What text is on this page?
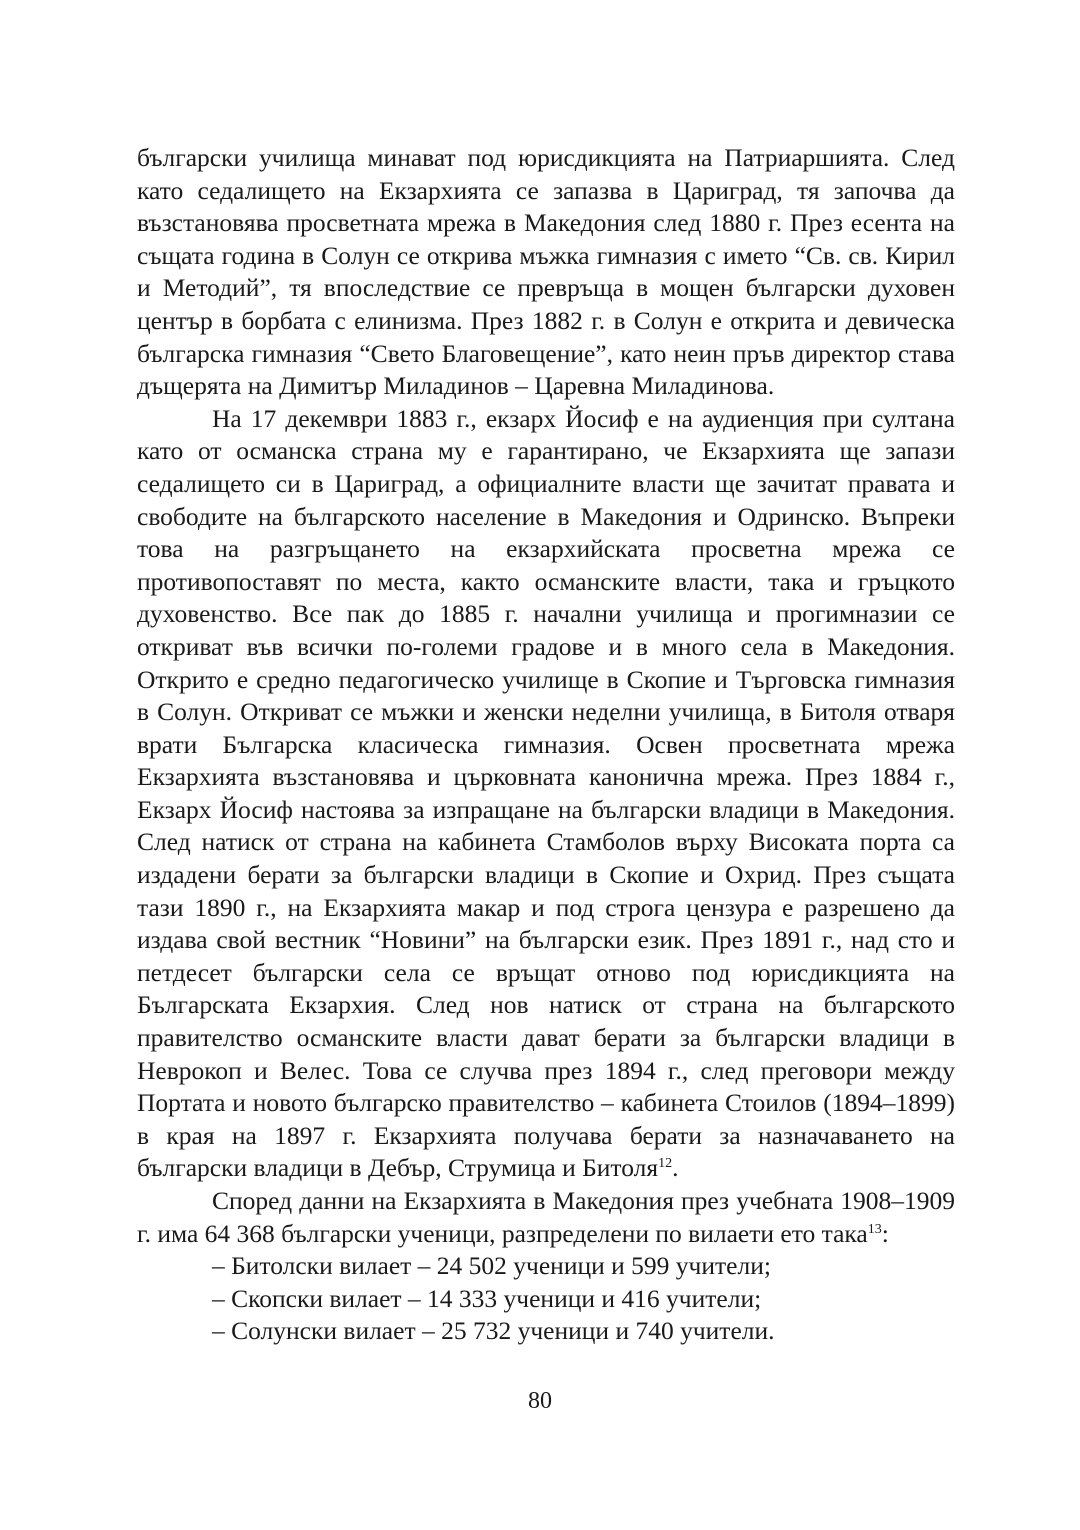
български училища минават под юрисдикцията на Патриаршията. След като седалището на Екзархията се запазва в Цариград, тя започва да възстановява просветната мрежа в Македония след 1880 г. През есента на същата година в Солун се открива мъжка гимназия с името “Св. св. Кирил и Методий”, тя впоследствие се превръща в мощен български духовен център в борбата с елинизма. През 1882 г. в Солун е открита и девическа българска гимназия “Свето Благовещение”, като неин пръв директор става дъщерята на Димитър Миладинов – Царевна Миладинова.

На 17 декември 1883 г., екзарх Йосиф е на аудиенция при султана като от османска страна му е гарантирано, че Екзархията ще запази седалището си в Цариград, а официалните власти ще зачитат правата и свободите на българското население в Македония и Одринско. Въпреки това на разгръщането на екзархийската просветна мрежа се противопоставят по места, както османските власти, така и гръцкото духовенство. Все пак до 1885 г. начални училища и прогимназии се откриват във всички по-големи градове и в много села в Македония. Открито е средно педагогическо училище в Скопие и Търговска гимназия в Солун. Откриват се мъжки и женски неделни училища, в Битоля отваря врати Българска класическа гимназия. Освен просветната мрежа Екзархията възстановява и църковната канонична мрежа. През 1884 г., Екзарх Йосиф настоява за изпращане на български владици в Македония. След натиск от страна на кабинета Стамболов върху Високата порта са издадени берати за български владици в Скопие и Охрид. През същата тази 1890 г., на Екзархията макар и под строга цензура е разрешено да издава свой вестник “Новини” на български език. През 1891 г., над сто и петдесет български села се връщат отново под юрисдикцията на Българската Екзархия. След нов натиск от страна на българското правителство османските власти дават берати за български владици в Неврокоп и Велес. Това се случва през 1894 г., след преговори между Портата и новото българско правителство – кабинета Стоилов (1894–1899) в края на 1897 г. Екзархията получава берати за назначаването на български владици в Дебър, Струмица и Битоля$^{12}$.

Според данни на Екзархията в Македония през учебната 1908–1909 г. има 64 368 български ученици, разпределени по вилаети ето така$^{13}$:

– Битолски вилает – 24 502 ученици и 599 учители;
– Скопски вилает – 14 333 ученици и 416 учители;
– Солунски вилает – 25 732 ученици и 740 учители.
80
